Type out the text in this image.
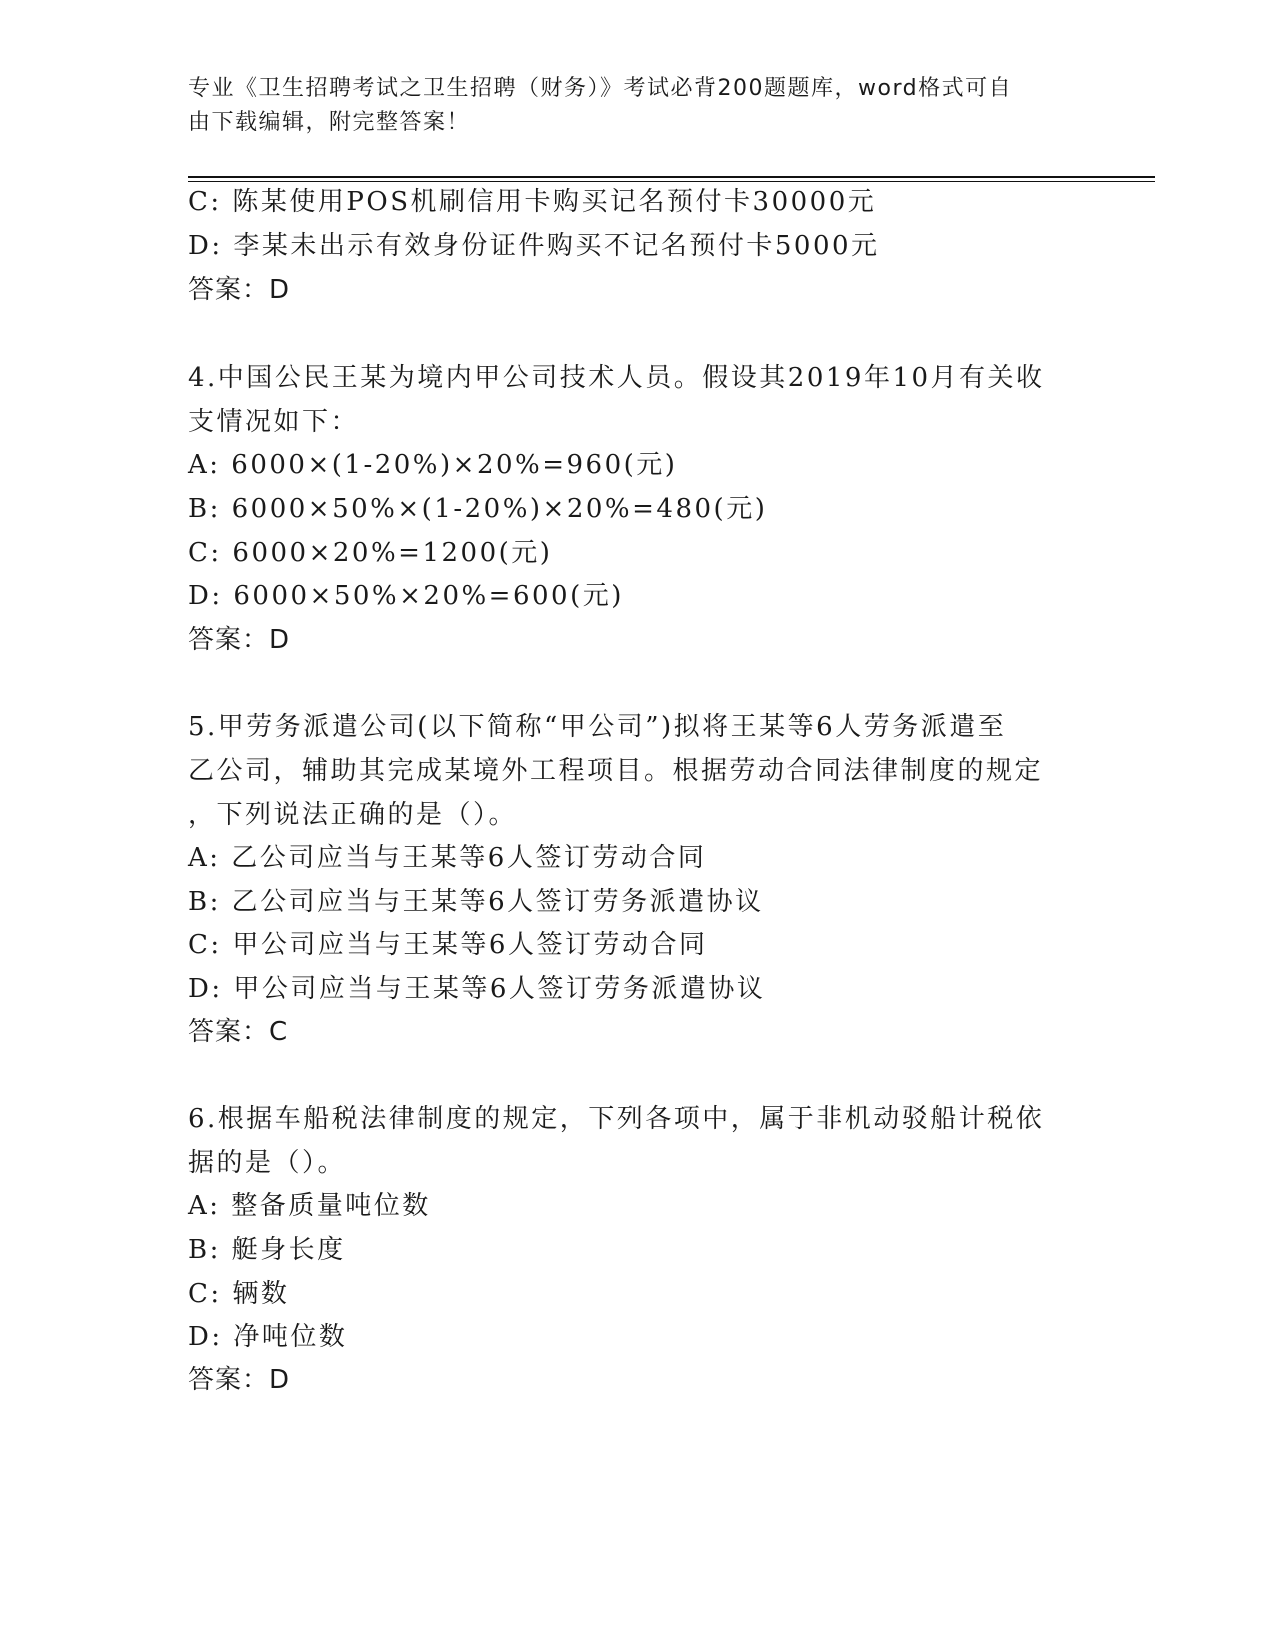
专业《卫生招聘考试之卫生招聘（财务）》考试必背200题题库，word格式可自
由下载编辑，附完整答案！
C: 陈某使用POS机刷信用卡购买记名预付卡30000元
D: 李某未出示有效身份证件购买不记名预付卡5000元
答案：D
4.中国公民王某为境内甲公司技术人员。假设其2019年10月有关收
支情况如下：
A: 6000×(1-20%)×20%=960(元)
B: 6000×50%×(1-20%)×20%=480(元)
C: 6000×20%=1200(元)
D: 6000×50%×20%=600(元)
答案：D
5.甲劳务派遣公司(以下简称“甲公司”)拟将王某等6人劳务派遣至
乙公司，辅助其完成某境外工程项目。根据劳动合同法律制度的规定
，下列说法正确的是（）。
A: 乙公司应当与王某等6人签订劳动合同
B: 乙公司应当与王某等6人签订劳务派遣协议
C: 甲公司应当与王某等6人签订劳动合同
D: 甲公司应当与王某等6人签订劳务派遣协议
答案：C
6.根据车船税法律制度的规定，下列各项中，属于非机动驳船计税依
据的是（）。
A: 整备质量吨位数
B: 艇身长度
C: 辆数
D: 净吨位数
答案：D
